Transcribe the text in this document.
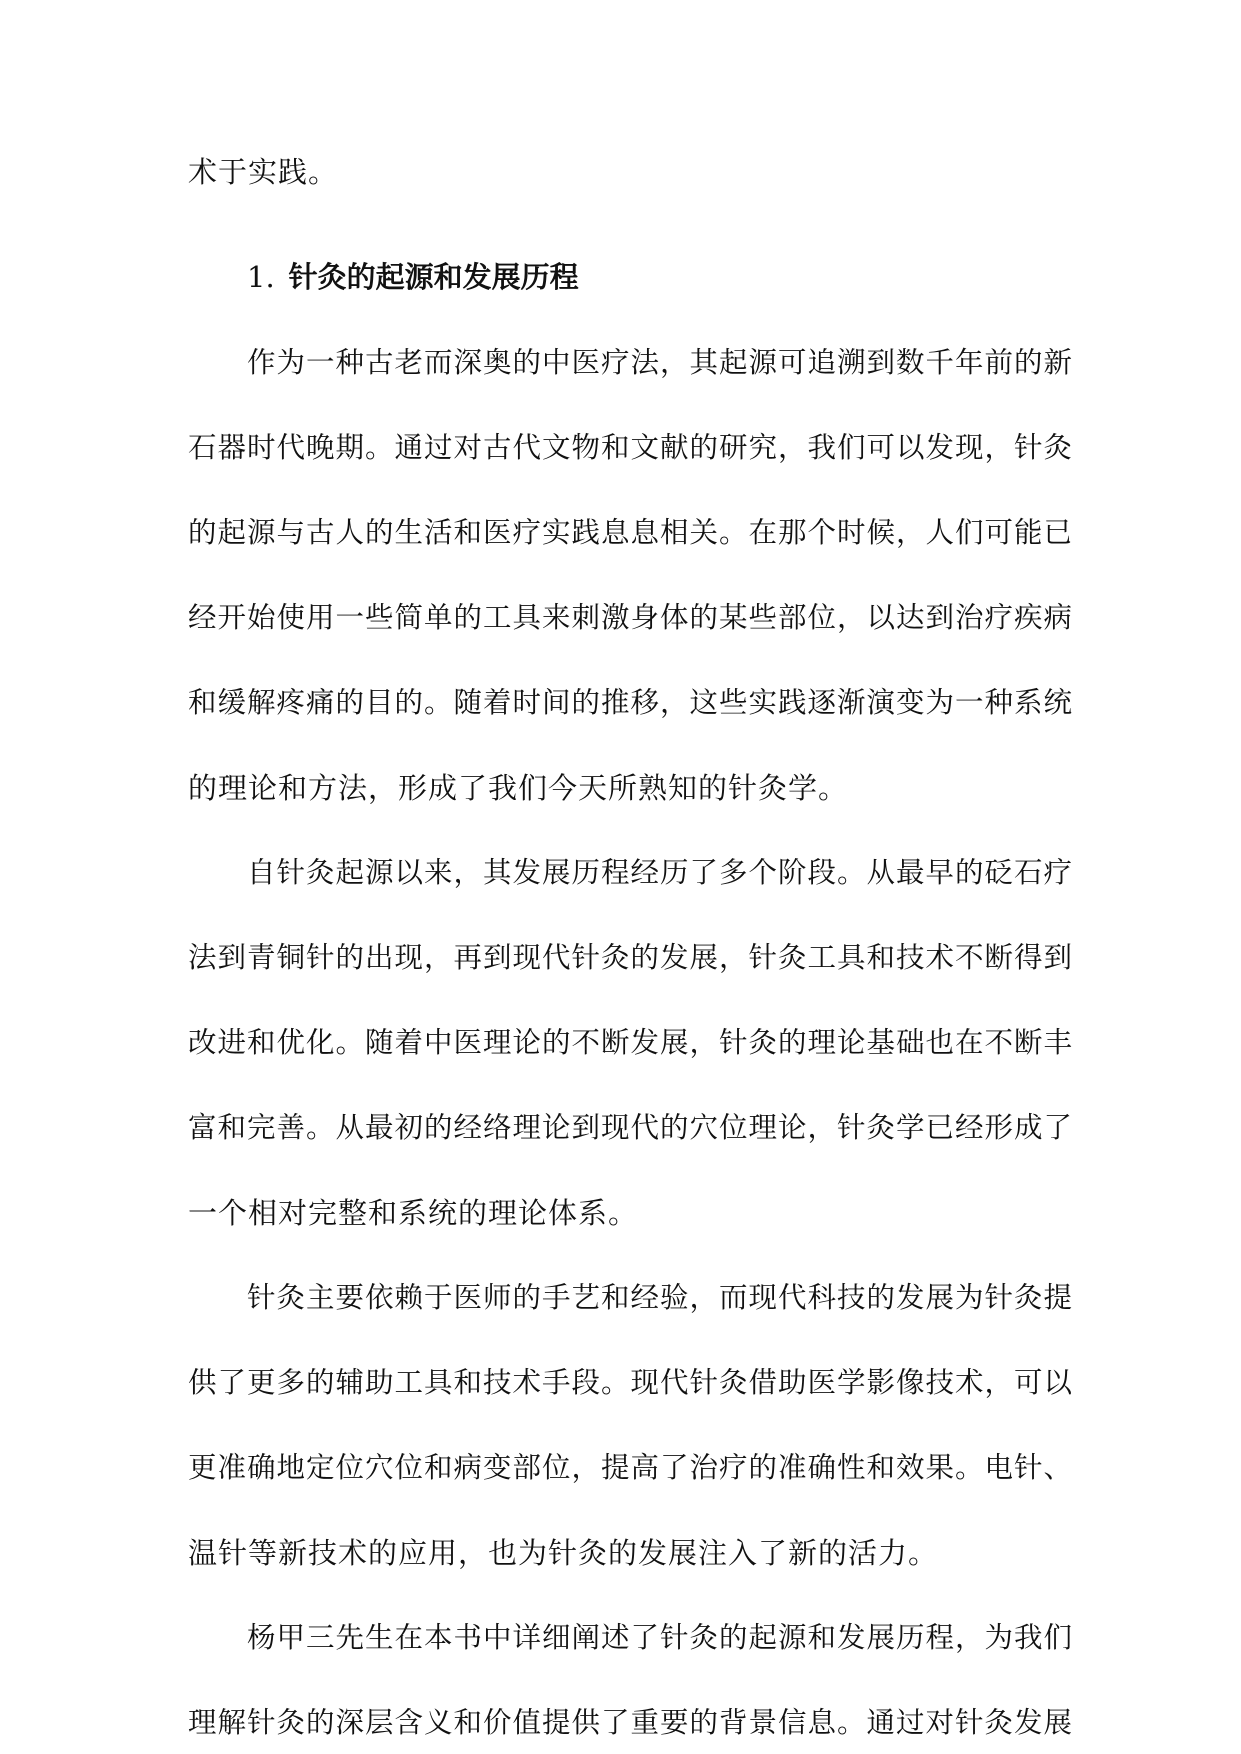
术于实践。
1. 针灸的起源和发展历程
作为一种古老而深奥的中医疗法，其起源可追溯到数千年前的新
石器时代晚期。通过对古代文物和文献的研究，我们可以发现，针灸
的起源与古人的生活和医疗实践息息相关。在那个时候，人们可能已
经开始使用一些简单的工具来刺激身体的某些部位，以达到治疗疾病
和缓解疼痛的目的。随着时间的推移，这些实践逐渐演变为一种系统
的理论和方法，形成了我们今天所熟知的针灸学。
自针灸起源以来，其发展历程经历了多个阶段。从最早的砭石疗
法到青铜针的出现，再到现代针灸的发展，针灸工具和技术不断得到
改进和优化。随着中医理论的不断发展，针灸的理论基础也在不断丰
富和完善。从最初的经络理论到现代的穴位理论，针灸学已经形成了
一个相对完整和系统的理论体系。
针灸主要依赖于医师的手艺和经验，而现代科技的发展为针灸提
供了更多的辅助工具和技术手段。现代针灸借助医学影像技术，可以
更准确地定位穴位和病变部位，提高了治疗的准确性和效果。电针、
温针等新技术的应用，也为针灸的发展注入了新的活力。
杨甲三先生在本书中详细阐述了针灸的起源和发展历程，为我们
理解针灸的深层含义和价值提供了重要的背景信息。通过对针灸发展
